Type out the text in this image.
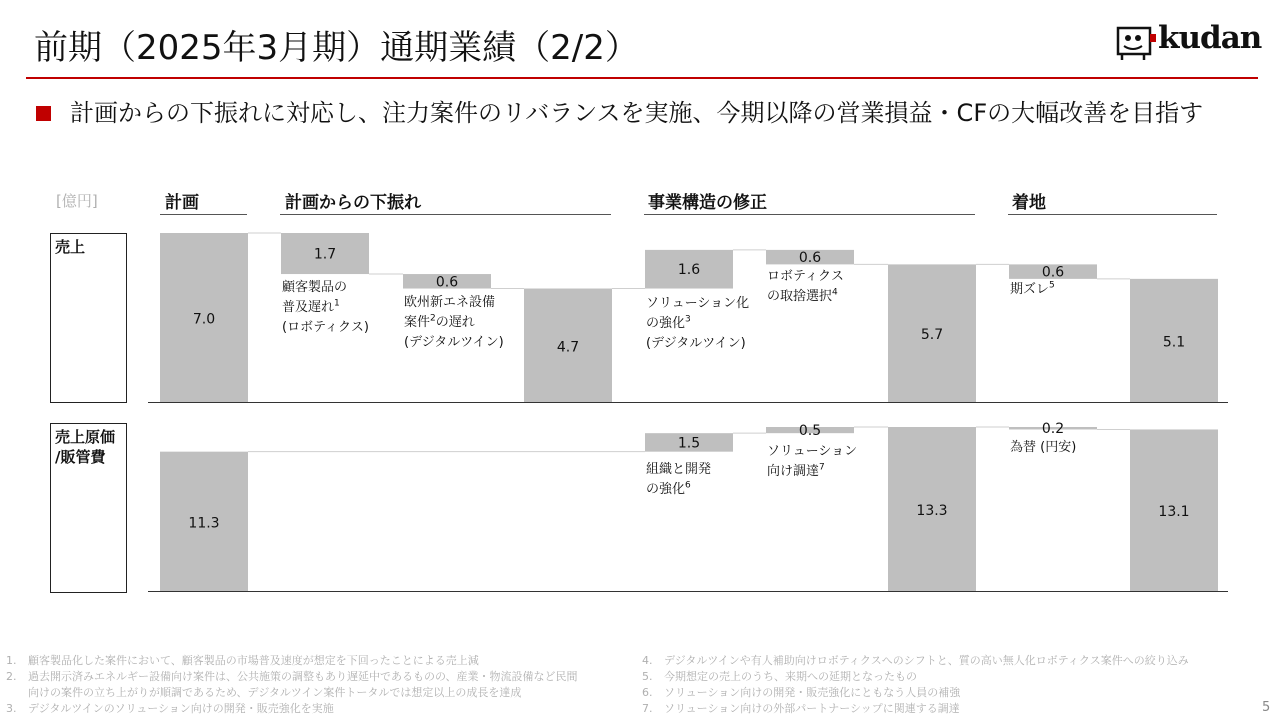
前期（2025年3月期）通期業績（2/2）	kudan
計画からの下振れに対応し、注力案件のリバランスを実施、今期以降の営業損益・CFの大幅改善を目指す
[億円]	計画	計画からの下振れ	事業構造の修正	着地
売上
売上原価
/販管費
7.0
1.7
0.6
4.7
1.6
0.6
5.7
0.6
5.1
11.3
1.5
0.5
13.3
0.2
13.1
顧客製品の
普及遅れ$^1$
(ロボティクス)
欧州新エネ設備
案件$^2$の遅れ
(デジタルツイン)
ソリューション化
の強化$^3$
(デジタルツイン)
ロボティクス
の取捨選択$^4$	期ズレ$^5$
組織と開発
の強化$^6$
ソリューション
向け調達$^7$
為替 (円安)
1. 顧客製品化した案件において、顧客製品の市場普及速度が想定を下回ったことによる売上減
2. 過去開示済みエネルギー設備向け案件は、公共施策の調整もあり遅延中であるものの、産業・物流設備など民間
向けの案件の立ち上がりが順調であるため、デジタルツイン案件トータルでは想定以上の成長を達成
3. デジタルツインのソリューション向けの開発・販売強化を実施
4. デジタルツインや有人補助向けロボティクスへのシフトと、質の高い無人化ロボティクス案件への絞り込み
5. 今期想定の売上のうち、来期への延期となったもの
6. ソリューション向けの開発・販売強化にともなう人員の補強
7. ソリューション向けの外部パートナーシップに関連する調達	5
